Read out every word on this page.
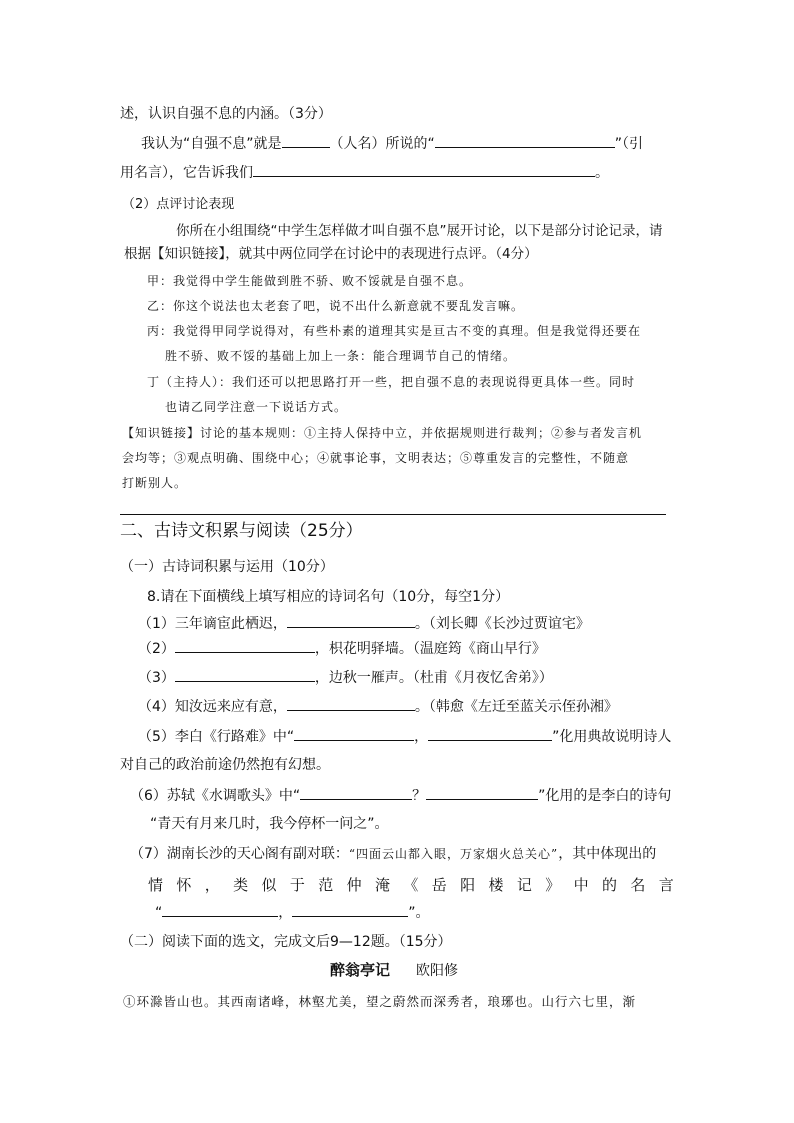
述，认识自强不息的内涵。（3分）
我认为“自强不息”就是	（人名）所说的“	”（引
用名言），它告诉我们	。
（2）点评讨论表现
你所在小组围绕“中学生怎样做才叫自强不息”展开讨论，以下是部分讨论记录，请
根据【知识链接】，就其中两位同学在讨论中的表现进行点评。（4分）
甲：我觉得中学生能做到胜不骄、败不馁就是自强不息。
乙：你这个说法也太老套了吧，说不出什么新意就不要乱发言嘛。
丙：我觉得甲同学说得对，有些朴素的道理其实是亘古不变的真理。但是我觉得还要在
胜不骄、败不馁的基础上加上一条：能合理调节自己的情绪。
丁（主持人）：我们还可以把思路打开一些，把自强不息的表现说得更具体一些。同时
也请乙同学注意一下说话方式。
【知识链接】讨论的基本规则：①主持人保持中立，并依据规则进行裁判；②参与者发言机
会均等；③观点明确、围绕中心；④就事论事，文明表达；⑤尊重发言的完整性，不随意
打断别人。
二、古诗文积累与阅读（25分）
（一）古诗词积累与运用（10分）
8.请在下面横线上填写相应的诗词名句（10分，每空1分）
（1）三年谪宦此栖迟，	。（刘长卿《长沙过贾谊宅》
（2）	，枳花明驿墙。（温庭筠《商山早行》
（3）	，边秋一雁声。（杜甫《月夜忆舍弟》）
（4）知汝远来应有意，	。（韩愈《左迁至蓝关示侄孙湘》
（5）李白《行路难》中“	，	”化用典故说明诗人
对自己的政治前途仍然抱有幻想。
（6）苏轼《水调歌头》中“	？	”化用的是李白的诗句
“青天有月来几时，我今停杯一问之”。
（7）湖南长沙的天心阁有副对联：“四面云山都入眼，万家烟火总关心”，其中体现出的
情 怀 ， 类 似 于 范 仲 淹 《 岳 阳 楼 记 》 中 的 名 言
“	，	”。
（二）阅读下面的选文，完成文后9—12题。（15分）
醉翁亭记 欧阳修
①环滁皆山也。其西南诸峰，林壑尤美，望之蔚然而深秀者，琅琊也。山行六七里，渐
